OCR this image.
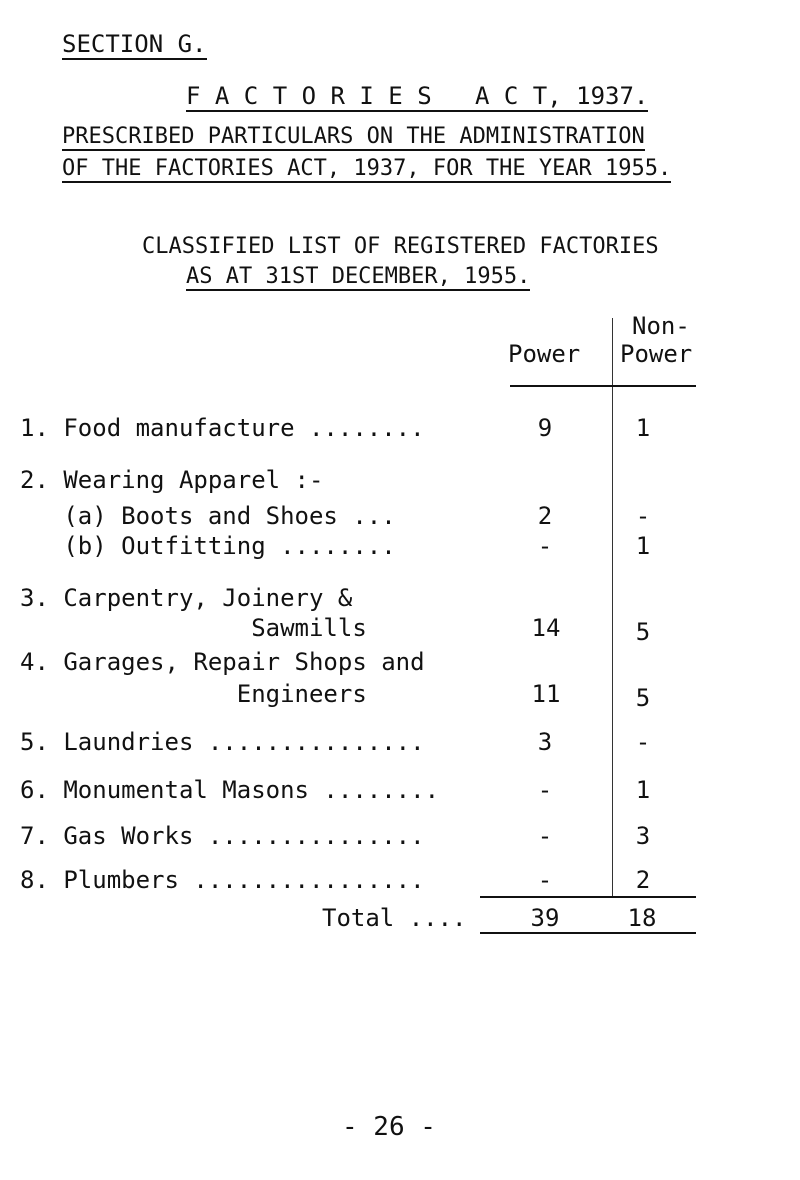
SECTION G.
F A C T O R I E S   A C T, 1937.
PRESCRIBED PARTICULARS ON THE ADMINISTRATION
OF THE FACTORIES ACT, 1937, FOR THE YEAR 1955.
CLASSIFIED LIST OF REGISTERED FACTORIES
AS AT 31ST DECEMBER, 1955.
Power
Non-
Power
1. Food manufacture ........	9	1
2. Wearing Apparel :-
(a) Boots and Shoes ...	2	-
(b) Outfitting ........	-	1
3. Carpentry, Joinery &
Sawmills	14	5
4. Garages, Repair Shops and
Engineers	11	5
5. Laundries ...............	3	-
6. Monumental Masons ........	-	1
7. Gas Works ...............	-	3
8. Plumbers ................	-	2
Total ....	39	18
- 26 -
